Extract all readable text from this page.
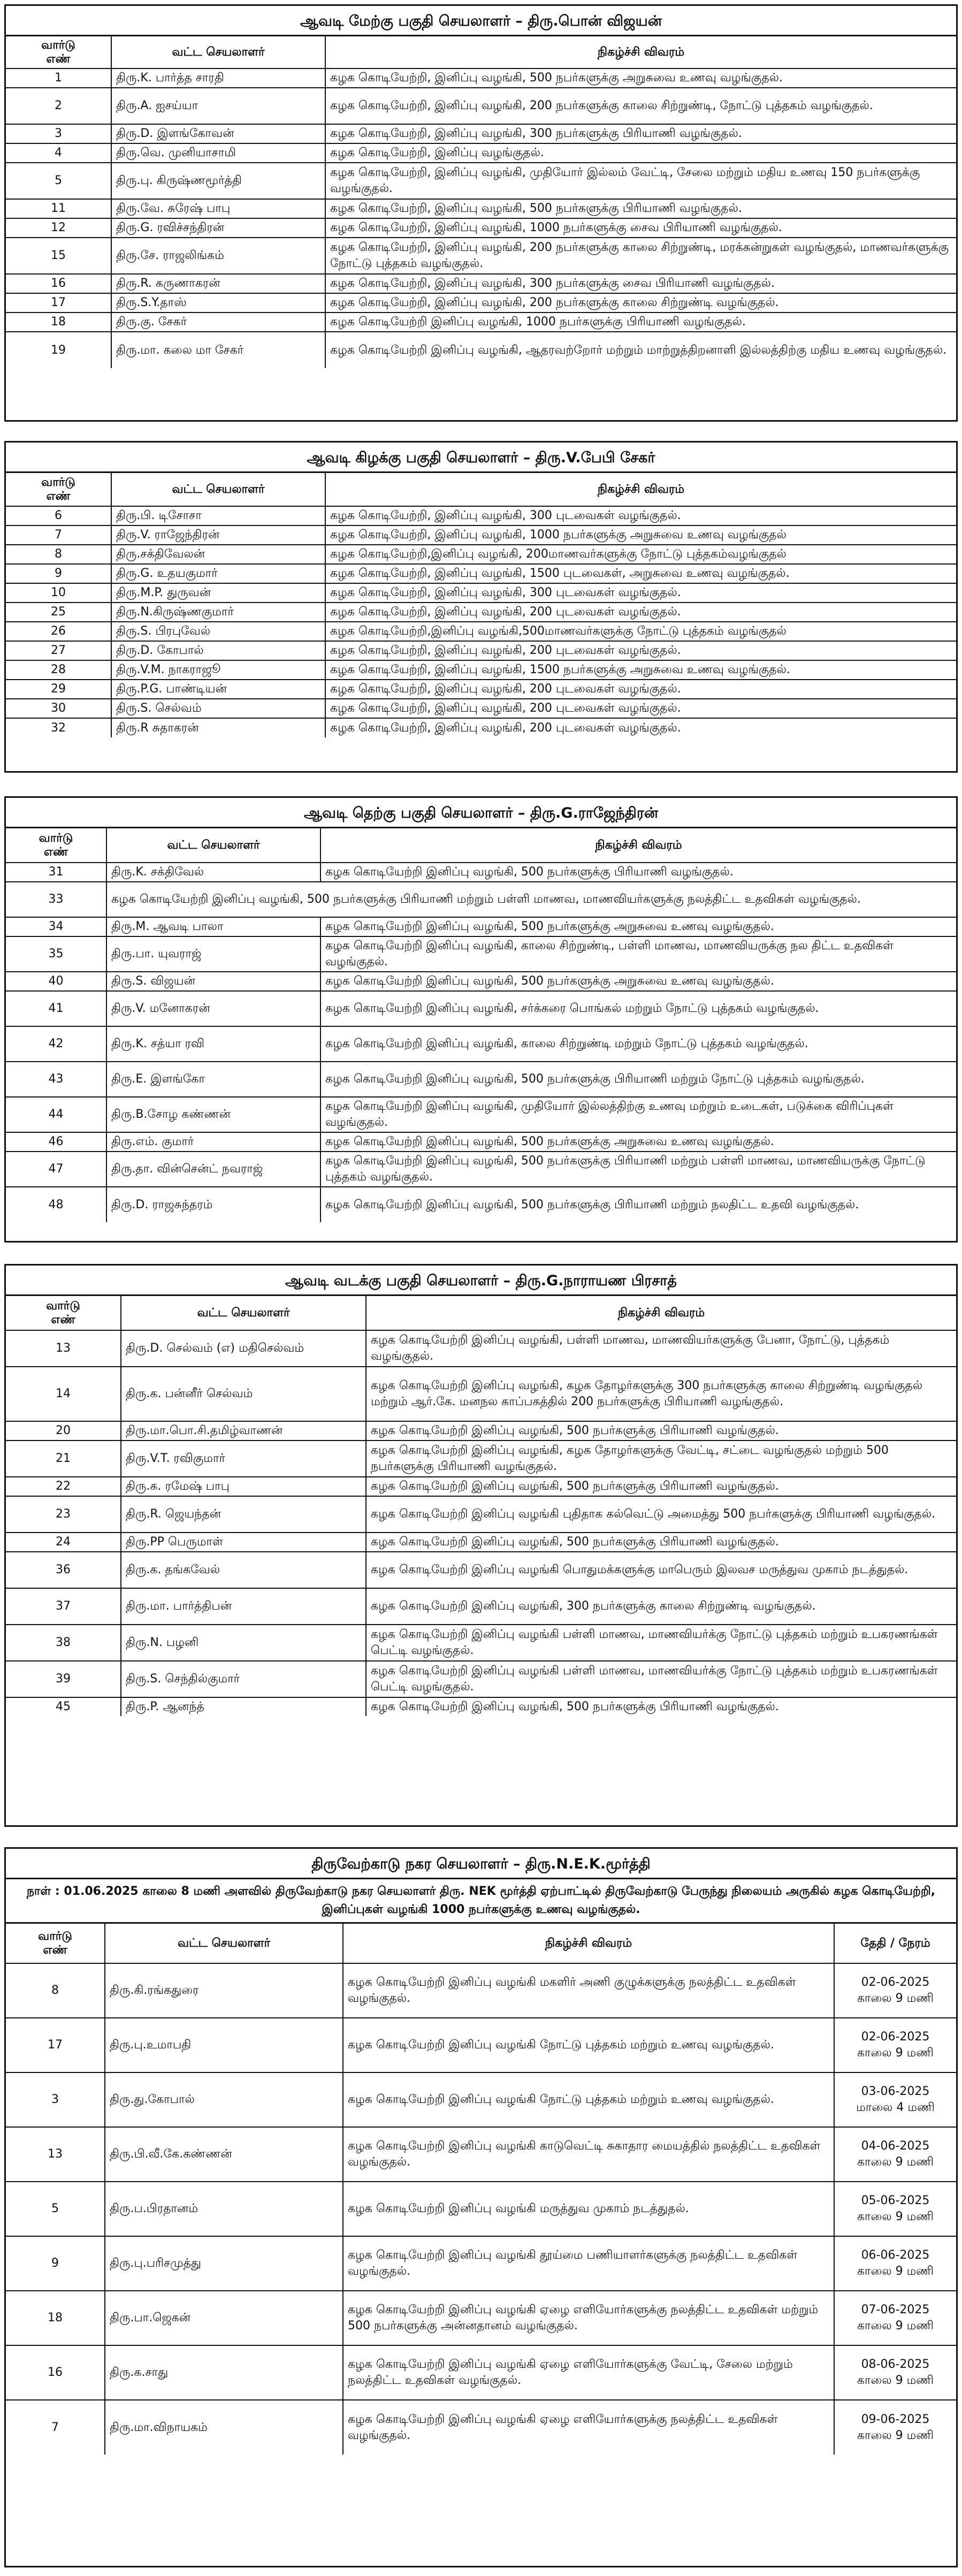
ஆவடி மேற்கு பகுதி செயலாளர் – திரு.பொன் விஜயன்
வார்டு
எண்	வட்ட செயலாளர்	நிகழ்ச்சி விவரம்
1	திரு.K. பார்த்த சாரதி	கழக கொடியேற்றி, இனிப்பு வழங்கி, 500 நபர்களுக்கு அறுசுவை உணவு வழங்குதல்.
2	திரு.A. ஐசய்யா	கழக கொடியேற்றி, இனிப்பு வழங்கி, 200 நபர்களுக்கு காலை சிற்றுண்டி, நோட்டு புத்தகம் வழங்குதல்.
3	திரு.D. இளங்கோவன்	கழக கொடியேற்றி, இனிப்பு வழங்கி, 300 நபர்களுக்கு பிரியாணி வழங்குதல்.
4	திரு.வெ. முனியாசாமி	கழக கொடியேற்றி, இனிப்பு வழங்குதல்.
5	திரு.பு. கிருஷ்ணமூர்த்தி	கழக கொடியேற்றி, இனிப்பு வழங்கி, முதியோர் இல்லம் வேட்டி, சேலை மற்றும் மதிய உணவு 150 நபர்களுக்கு வழங்குதல்.
11	திரு.வே. சுரேஷ் பாபு	கழக கொடியேற்றி, இனிப்பு வழங்கி, 500 நபர்களுக்கு பிரியாணி வழங்குதல்.
12	திரு.G. ரவிச்சந்திரன்	கழக கொடியேற்றி, இனிப்பு வழங்கி, 1000 நபர்களுக்கு சைவ பிரியாணி வழங்குதல்.
15	திரு.சே. ராஜலிங்கம்	கழக கொடியேற்றி, இனிப்பு வழங்கி, 200 நபர்களுக்கு காலை சிற்றுண்டி, மரக்கன்றுகள் வழங்குதல், மாணவர்களுக்கு நோட்டு புத்தகம் வழங்குதல்.
16	திரு.R. கருணாகரன்	கழக கொடியேற்றி, இனிப்பு வழங்கி, 300 நபர்களுக்கு சைவ பிரியாணி வழங்குதல்.
17	திரு.S.Y.தாஸ்	கழக கொடியேற்றி, இனிப்பு வழங்கி, 200 நபர்களுக்கு காலை சிற்றுண்டி வழங்குதல்.
18	திரு.கு. சேகர்	கழக கொடியேற்றி இனிப்பு வழங்கி, 1000 நபர்களுக்கு பிரியாணி வழங்குதல்.
19	திரு.மா. கலை மா சேகர்	கழக கொடியேற்றி இனிப்பு வழங்கி, ஆதரவற்றோர் மற்றும் மாற்றுத்திறனாளி இல்லத்திற்கு மதிய உணவு வழங்குதல்.
ஆவடி கிழக்கு பகுதி செயலாளர் – திரு.V.பேபி சேகர்
வார்டு
எண்	வட்ட செயலாளர்	நிகழ்ச்சி விவரம்
6	திரு.பி. டிசோசா	கழக கொடியேற்றி, இனிப்பு வழங்கி, 300 புடவைகள் வழங்குதல்.
7	திரு.V. ராஜேந்திரன்	கழக கொடியேற்றி, இனிப்பு வழங்கி, 1000 நபர்களுக்கு அறுசுவை உணவு வழங்குதல்
8	திரு.சக்திவேலன்	கழக கொடியேற்றி,இனிப்பு வழங்கி, 200மாணவர்களுக்கு நோட்டு புத்தகம்வழங்குதல்
9	திரு.G. உதயகுமார்	கழக கொடியேற்றி, இனிப்பு வழங்கி, 1500 புடவைகள், அறுசுவை உணவு வழங்குதல்.
10	திரு.M.P. துருவன்	கழக கொடியேற்றி, இனிப்பு வழங்கி, 300 புடவைகள் வழங்குதல்.
25	திரு.N.கிருஷ்ணகுமார்	கழக கொடியேற்றி, இனிப்பு வழங்கி, 200 புடவைகள் வழங்குதல்.
26	திரு.S. பிரபுவேல்	கழக கொடியேற்றி,இனிப்பு வழங்கி,500மாணவர்களுக்கு நோட்டு புத்தகம் வழங்குதல்
27	திரு.D. கோபால்	கழக கொடியேற்றி, இனிப்பு வழங்கி, 200 புடவைகள் வழங்குதல்.
28	திரு.V.M. நாகராஜூ	கழக கொடியேற்றி, இனிப்பு வழங்கி, 1500 நபர்களுக்கு அறுசுவை உணவு வழங்குதல்.
29	திரு.P.G. பாண்டியன்	கழக கொடியேற்றி, இனிப்பு வழங்கி, 200 புடவைகள் வழங்குதல்.
30	திரு.S. செல்வம்	கழக கொடியேற்றி, இனிப்பு வழங்கி, 200 புடவைகள் வழங்குதல்.
32	திரு.R சுதாகரன்	கழக கொடியேற்றி, இனிப்பு வழங்கி, 200 புடவைகள் வழங்குதல்.
ஆவடி தெற்கு பகுதி செயலாளர் – திரு.G.ராஜேந்திரன்
வார்டு
எண்	வட்ட செயலாளர்	நிகழ்ச்சி விவரம்
31	திரு.K. சக்திவேல்	கழக கொடியேற்றி இனிப்பு வழங்கி, 500 நபர்களுக்கு பிரியாணி வழங்குதல்.
33	கழக கொடியேற்றி இனிப்பு வழங்கி, 500 நபர்களுக்கு பிரியாணி மற்றும் பள்ளி மாணவ, மாணவியர்களுக்கு நலத்திட்ட உதவிகள் வழங்குதல்.	
34	திரு.M. ஆவடி பாலா	கழக கொடியேற்றி இனிப்பு வழங்கி, 500 நபர்களுக்கு அறுசுவை உணவு வழங்குதல்.
35	திரு.பா. யுவராஜ்	கழக கொடியேற்றி இனிப்பு வழங்கி, காலை சிற்றுண்டி, பள்ளி மாணவ, மாணவியருக்கு நல திட்ட உதவிகள் வழங்குதல்.
40	திரு.S. விஜயன்	கழக கொடியேற்றி இனிப்பு வழங்கி, 500 நபர்களுக்கு அறுசுவை உணவு வழங்குதல்.
41	திரு.V. மனோகரன்	கழக கொடியேற்றி இனிப்பு வழங்கி, சர்க்கரை பொங்கல் மற்றும் நோட்டு புத்தகம் வழங்குதல்.
42	திரு.K. சத்யா ரவி	கழக கொடியேற்றி இனிப்பு வழங்கி, காலை சிற்றுண்டி மற்றும் நோட்டு புத்தகம் வழங்குதல்.
43	திரு.E. இளங்கோ	கழக கொடியேற்றி இனிப்பு வழங்கி, 500 நபர்களுக்கு பிரியாணி மற்றும் நோட்டு புத்தகம் வழங்குதல்.
44	திரு.B.சோழ கண்ணன்	கழக கொடியேற்றி இனிப்பு வழங்கி, முதியோர் இல்லத்திற்கு உணவு மற்றும் உடைகள், படுக்கை விரிப்புகள் வழங்குதல்.
46	திரு.எம். குமார்	கழக கொடியேற்றி இனிப்பு வழங்கி, 500 நபர்களுக்கு அறுசுவை உணவு வழங்குதல்.
47	திரு.தா. வின்சென்ட் நவராஜ்	கழக கொடியேற்றி இனிப்பு வழங்கி, 500 நபர்களுக்கு பிரியாணி மற்றும் பள்ளி மாணவ, மாணவியருக்கு நோட்டு புத்தகம் வழங்குதல்.
48	திரு.D. ராஜசுந்தரம்	கழக கொடியேற்றி இனிப்பு வழங்கி, 500 நபர்களுக்கு பிரியாணி மற்றும் நலதிட்ட உதவி வழங்குதல்.
ஆவடி வடக்கு பகுதி செயலாளர் – திரு.G.நாராயண பிரசாத்
வார்டு
எண்	வட்ட செயலாளர்	நிகழ்ச்சி விவரம்
13	திரு.D. செல்வம் (எ) மதிசெல்வம்	கழக கொடியேற்றி இனிப்பு வழங்கி, பள்ளி மாணவ, மாணவியர்களுக்கு பேனா, நோட்டு, புத்தகம் வழங்குதல்.
14	திரு.க. பன்னீர் செல்வம்	கழக கொடியேற்றி இனிப்பு வழங்கி, கழக தோழர்களுக்கு 300 நபர்களுக்கு காலை சிற்றுண்டி வழங்குதல் மற்றும் ஆர்.கே. மனநல காப்பகத்தில் 200 நபர்களுக்கு பிரியாணி வழங்குதல்.
20	திரு.மா.பொ.சி.தமிழ்வாணன்	கழக கொடியேற்றி இனிப்பு வழங்கி, 500 நபர்களுக்கு பிரியாணி வழங்குதல்.
21	திரு.V.T. ரவிகுமார்	கழக கொடியேற்றி இனிப்பு வழங்கி, கழக தோழர்களுக்கு வேட்டி, சட்டை வழங்குதல் மற்றும் 500 நபர்களுக்கு பிரியாணி வழங்குதல்.
22	திரு.க. ரமேஷ் பாபு	கழக கொடியேற்றி இனிப்பு வழங்கி, 500 நபர்களுக்கு பிரியாணி வழங்குதல்.
23	திரு.R. ஜெயந்தன்	கழக கொடியேற்றி இனிப்பு வழங்கி புதிதாக கல்வெட்டு அமைத்து 500 நபர்களுக்கு பிரியாணி வழங்குதல்.
24	திரு.PP பெருமாள்	கழக கொடியேற்றி இனிப்பு வழங்கி, 500 நபர்களுக்கு பிரியாணி வழங்குதல்.
36	திரு.க. தங்கவேல்	கழக கொடியேற்றி இனிப்பு வழங்கி பொதுமக்களுக்கு மாபெரும் இலவச மருத்துவ முகாம் நடத்துதல்.
37	திரு.மா. பார்த்திபன்	கழக கொடியேற்றி இனிப்பு வழங்கி, 300 நபர்களுக்கு காலை சிற்றுண்டி வழங்குதல்.
38	திரு.N. பழனி	கழக கொடியேற்றி இனிப்பு வழங்கி பள்ளி மாணவ, மாணவியர்க்கு நோட்டு புத்தகம் மற்றும் உபகரணங்கள் பெட்டி வழங்குதல்.
39	திரு.S. செந்தில்குமார்	கழக கொடியேற்றி இனிப்பு வழங்கி பள்ளி மாணவ, மாணவியர்க்கு நோட்டு புத்தகம் மற்றும் உபகரணங்கள் பெட்டி வழங்குதல்.
45	திரு.P. ஆனந்த்	கழக கொடியேற்றி இனிப்பு வழங்கி, 500 நபர்களுக்கு பிரியாணி வழங்குதல்.
திருவேற்காடு நகர செயலாளர் – திரு.N.E.K.மூர்த்தி
நாள் : 01.06.2025 காலை 8 மணி அளவில் திருவேற்காடு நகர செயலாளர் திரு. NEK மூர்த்தி ஏற்பாட்டில் திருவேற்காடு பேருந்து நிலையம் அருகில் கழக கொடியேற்றி, இனிப்புகள் வழங்கி 1000 நபர்களுக்கு உணவு வழங்குதல்.
வார்டு
எண்	வட்ட செயலாளர்	நிகழ்ச்சி விவரம்	தேதி / நேரம்
8	திரு.கி.ரங்கதுரை	கழக கொடியேற்றி இனிப்பு வழங்கி மகளிர் அணி குழுக்களுக்கு நலத்திட்ட உதவிகள் வழங்குதல்.	02-06-2025
காலை 9 மணி

17	திரு.பு.உமாபதி	கழக கொடியேற்றி இனிப்பு வழங்கி நோட்டு புத்தகம் மற்றும் உணவு வழங்குதல்.	02-06-2025
காலை 9 மணி

3	திரு.து.கோபால்	கழக கொடியேற்றி இனிப்பு வழங்கி நோட்டு புத்தகம் மற்றும் உணவு வழங்குதல்.	03-06-2025
மாலை 4 மணி

13	திரு.பி.வீ.கே.கண்ணன்	கழக கொடியேற்றி இனிப்பு வழங்கி காடுவெட்டி சுகாதார மையத்தில் நலத்திட்ட உதவிகள் வழங்குதல்.	04-06-2025
காலை 9 மணி

5	திரு.ப.பிரதானம்	கழக கொடியேற்றி இனிப்பு வழங்கி மருத்துவ முகாம் நடத்துதல்.	05-06-2025
காலை 9 மணி

9	திரு.பு.பரிசமுத்து	கழக கொடியேற்றி இனிப்பு வழங்கி தூய்மை பணியாளர்களுக்கு நலத்திட்ட உதவிகள் வழங்குதல்.	06-06-2025
காலை 9 மணி

18	திரு.பா.ஜெகன்	கழக கொடியேற்றி இனிப்பு வழங்கி ஏழை எளியோர்களுக்கு நலத்திட்ட உதவிகள் மற்றும் 500 நபர்களுக்கு அன்னதானம் வழங்குதல்.	07-06-2025
காலை 9 மணி

16	திரு.க.சாது	கழக கொடியேற்றி இனிப்பு வழங்கி ஏழை எளியோர்களுக்கு வேட்டி, சேலை மற்றும் நலத்திட்ட உதவிகள் வழங்குதல்.	08-06-2025
காலை 9 மணி

7	திரு.மா.விநாயகம்	கழக கொடியேற்றி இனிப்பு வழங்கி ஏழை எளியோர்களுக்கு நலத்திட்ட உதவிகள் வழங்குதல்.	09-06-2025
காலை 9 மணி
